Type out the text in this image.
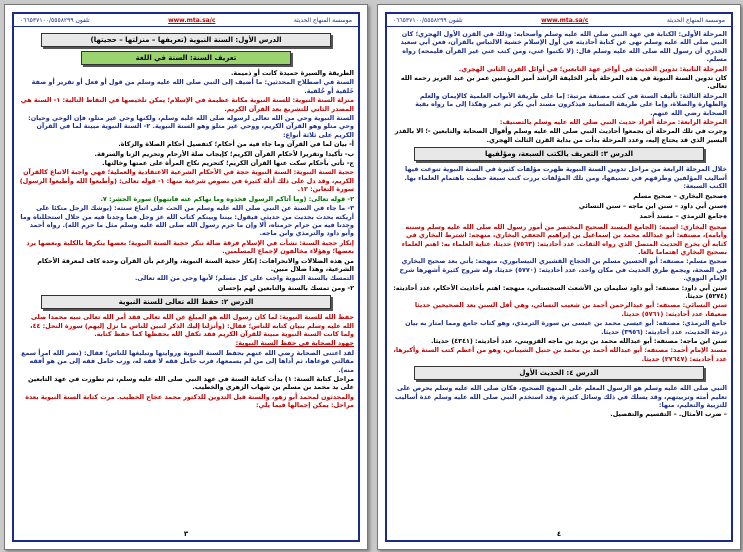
موسسة المنهاج الحديثة
www.mta.sa/c
تلفون ٠٦٦٥٣٧١٠٠/٥٥٥٨٢٩٩
الدرس الأول: السنة النبوية (تعريفها – منزلتها – حجيتها)
تعريف السنة: السنة في اللغة

الطريقة والسيرة حميدة كانت أو ذميمة.

السنة في اصطلاح المحدثين: ما أضيف إلى النبي صلى الله عليه وسلم من قول أو فعل أو تقرير أو صفة خَلقية أو خُلقية.

منزلة السنة النبوية: للسنة النبوية مكانة عظيمة في الإسلام؛ يمكن تلخيصها في النقاط التالية: ١- السنة هي المصدر الثاني للتشريع بعد القرآن الكريم.

السنة النبوية وحي من الله تعالى لرسوله صلى الله عليه وسلم، ولكنها وحي غير متلو، فإن الوحي وحيان: وحي متلو وهو القرآن الكريم، ووحي غير متلو وهو السنة النبوية. ٢- السنة النبوية مبينة لما في القرآن الكريم على ثلاثة أنواع:

أ- بيان لما في القرآن وما جاء فيه من أحكام؛ كتفصيل أحكام الصلاة والزكاة.

ب- تأكيدا وتقريرا لأحكام القرآن الكريم؛ كإيجاب صلة الأرحام وتحريم الزنا والسرقة.

ج- تأتي بأحكام سكت عنها القرآن الكريم؛ كتحريم نكاح المرأة على عمتها وخالتها.

حجية السنة النبوية: السنة النبوية حجة في الأحكام الشرعية الاعتقادية والعملية؛ فهي واجبة الاتباع كالقرآن الكريم، وقد دل على ذلك أدلة كثيرة في نصوص شرعية منها: ١- قوله تعالى: (وأطيعوا الله وأطيعوا الرسول) سورة التغابن: ١٢.

٢- قوله تعالى: (وما آتاكم الرسول فخذوه وما نهاكم عنه فانتهوا) سورة الحشر: ٧.

٣- ما جاء في السنة عن النبي صلى الله عليه وسلم من الحث على اتباع سنته: (يوشك الرجل متكئا على أريكته يحدث بحديث من حديثي فيقول: بيننا وبينكم كتاب الله عز وجل فما وجدنا فيه من حلال استحللناه وما وجدنا فيه من حرام حرمناه، ألا وإن ما حرم رسول الله صلى الله عليه وسلم مثل ما حرم الله). رواه أحمد وأبو داود والترمذي وابن ماجه.

إنكار حجية السنة: نشأت في الإسلام فرقة ضالة تنكر حجية السنة النبوية؛ بعضها ينكرها بالكلية وبعضها يرد بعضها؛ وهؤلاء مخالفون لإجماع المسلمين.

من هذه الضلالات والانحرافات: إنكار حجية السنة النبوية، والزعم بأن القرآن وحده كاف لمعرفة الأحكام الشرعية، وهذا ضلال مبين.

التمسك بالسنة النبوية واجب على كل مسلم؛ لأنها وحي من الله تعالى.

٢- ومن تمسك بالسنة والتابعين لهم بإحسان

الدرس ٢: حفظ الله تعالى للسنة النبوية

حفظ الله للسنة النبوية: لما كان رسول الله هو المبلغ عن الله تعالى فقد أمر الله تعالى نبيه محمدا صلى الله عليه وسلم ببيان كتابه للناس؛ فقال: (وأنزلنا إليك الذكر لتبين للناس ما نزل إليهم) سورة النحل: ٤٤، ولما كانت السنة النبوية مبينة للقرآن الكريم فقد تكفل الله بحفظها كما حفظ كتابه.

جهود الصحابة في حفظ السنة النبوية:

لقد اعتنى الصحابة رضي الله عنهم بحفظ السنة النبوية وروايتها وتبليغها للناس؛ فقال: (نضر الله امرأ سمع مقالتي فوعاها، ثم أداها إلى من لم يسمعها، فرب حامل فقه لا فقه له، ورب حامل فقه إلى من هو أفقه منه).

مراحل كتابة السنة: ١) بدأت كتابة السنة في عهد النبي صلى الله عليه وسلم، ثم تطورت في عهد التابعين على يد محمد بن مسلم بن شهاب الزهري والخطيب.

والمحدثون لمحمد أبو زهو، والسنة قبل التدوين للدكتور محمد عجاج الخطيب. مرت كتابة السنة النبوية بعدة مراحل: يمكن إجمالها فيما يلي:

٣
موسسة المنهاج الحديثة
www.mta.sa/c
تلفون ٠٦٦٥٣٧١٠٠/٥٥٥٨٢٩٩

المرحلة الأولى: الكتابة في عهد النبي صلى الله عليه وسلم وأصحابه: وذلك في القرن الأول الهجري؛ كان النبي صلى الله عليه وسلم نهى عن كتابة أحاديثه في أول الإسلام خشية الالتباس بالقرآن، فعن أبي سعيد الخدري أن رسول الله صلى الله عليه وسلم قال: (لا تكتبوا عني، ومن كتب عني غير القرآن فليمحه) رواه مسلم.

المرحلة الثانية: تدوين الحديث في أواخر عهد التابعين؛ في أوائل القرن الثاني الهجري.

كان تدوين السنة النبوية في هذه المرحلة بأمر الخليفة الراشد أمير المؤمنين عمر بن عبد العزيز رحمه الله تعالى.

المرحلة الثالثة: تأليف السنة في كتب مصنفة مرتبة: إما على طريقة الأبواب العلمية كالإيمان والعلم والطهارة والصلاة، وإما على طريقة المسانيد فيذكرون مسند أبي بكر ثم عمر وهكذا إلى ما رواه بقية الصحابة رضي الله عنهم.

المرحلة الرابعة: مرحلة أفراد حديث النبي صلى الله عليه وسلم بالتصنيف:

وجرت في تلك المرحلة أن يجمعوا أحاديث النبي صلى الله عليه وسلم وأقوال الصحابة والتابعين -؛ الا بالقدر اليسير الذي قد يحتاج إليه، وعدد المرحلة بدأت من بداية القرن الثالث الهجري.

الدرس ٣: التعريف بالكتب السبعة، ومؤلفيها

خلال المرحلة الرابعة من مراحل تدوين السنة النبوية ظهرت مؤلفات كثيرة في السنة النبوية تنوعت فيها أساليب المؤلفين وطرقهم في تصنيفها، ومن تلك المؤلفات برزت كتب سبعة حظيت باهتمام العلماء بها. الكتب السبعة:

◆ صحيح البخاري – صحيح مسلم
◆ سنن أبي داود – سنن ابن ماجه – سنن النسائي
◆ جامع الترمذي – مسند أحمد

صحيح البخاري: اسمه: (الجامع المسند الصحيح المختصر من أمور رسول الله صلى الله عليه وسلم وسننه وأيامه)، مصنفه: أبو عبدالله محمد بن إسماعيل بن إبراهيم الجعفي البخاري، منهجه: اشترط البخاري في كتابه أن يخرج الحديث المتصل الذي رواه الثقات. عدد أحاديثه: (٧٥٦٣) حديثا، عناية العلماء به: اهتم العلماء بصحيح البخاري اهتماما بالغا.

صحيح مسلم: مصنفه: أبو الحسين مسلم بن الحجاج القشيري النيسابوري، منهجه: يأتي بعد صحيح البخاري في الصحة، ويجمع طرق الحديث في مكان واحد، عدد أحاديثه: (٥٧٧٠) حديثا، وله شروح كثيرة أشهرها شرح الإمام النووي.

سنن أبي داود: مصنفه: أبو داود سليمان بن الأشعث السجستاني، منهجه: اهتم بأحاديث الأحكام، عدد أحاديثه: (٥٢٧٤) حديثا.

سنن النسائي: مصنفه: أبو عبدالرحمن أحمد بن شعيب النسائي، وهي أقل السنن بعد الصحيحين حديثا ضعيفا، عدد أحاديثه: (٥٧٦١) حديثا.

جامع الترمذي: مصنفه: أبو عيسى محمد بن عيسى بن سورة الترمذي، وهو كتاب جامع ومما امتاز به بيان درجة الحديث، عدد أحاديثه: (٣٩٥٦) حديثا.

سنن ابن ماجه: مصنفه: أبو عبدالله محمد بن يزيد بن ماجه القزويني، عدد أحاديثه: (٤٣٤١) حديثا.

مسند الإمام أحمد: مصنفه: أبو عبدالله أحمد بن محمد بن حنبل الشيباني، وهو من أعظم كتب السنة وأكبرها، عدد أحاديثه: (٢٧٦٤٧) حديثا.

الدرس ٤: الحديث الأول

النبي صلى الله عليه وسلم هو الرسول المعلم على المنهج الصحيح، فكان صلى الله عليه وسلم يحرص على تعليم أمته وتربيتهم، وقد يسلك في ذلك وسائل كثيرة، وقد استخدم النبي صلى الله عليه وسلم عدة أساليب للتربية والتعليم، منها:

– ضرب الأمثال. – التقسيم والتفصيل.

٤
